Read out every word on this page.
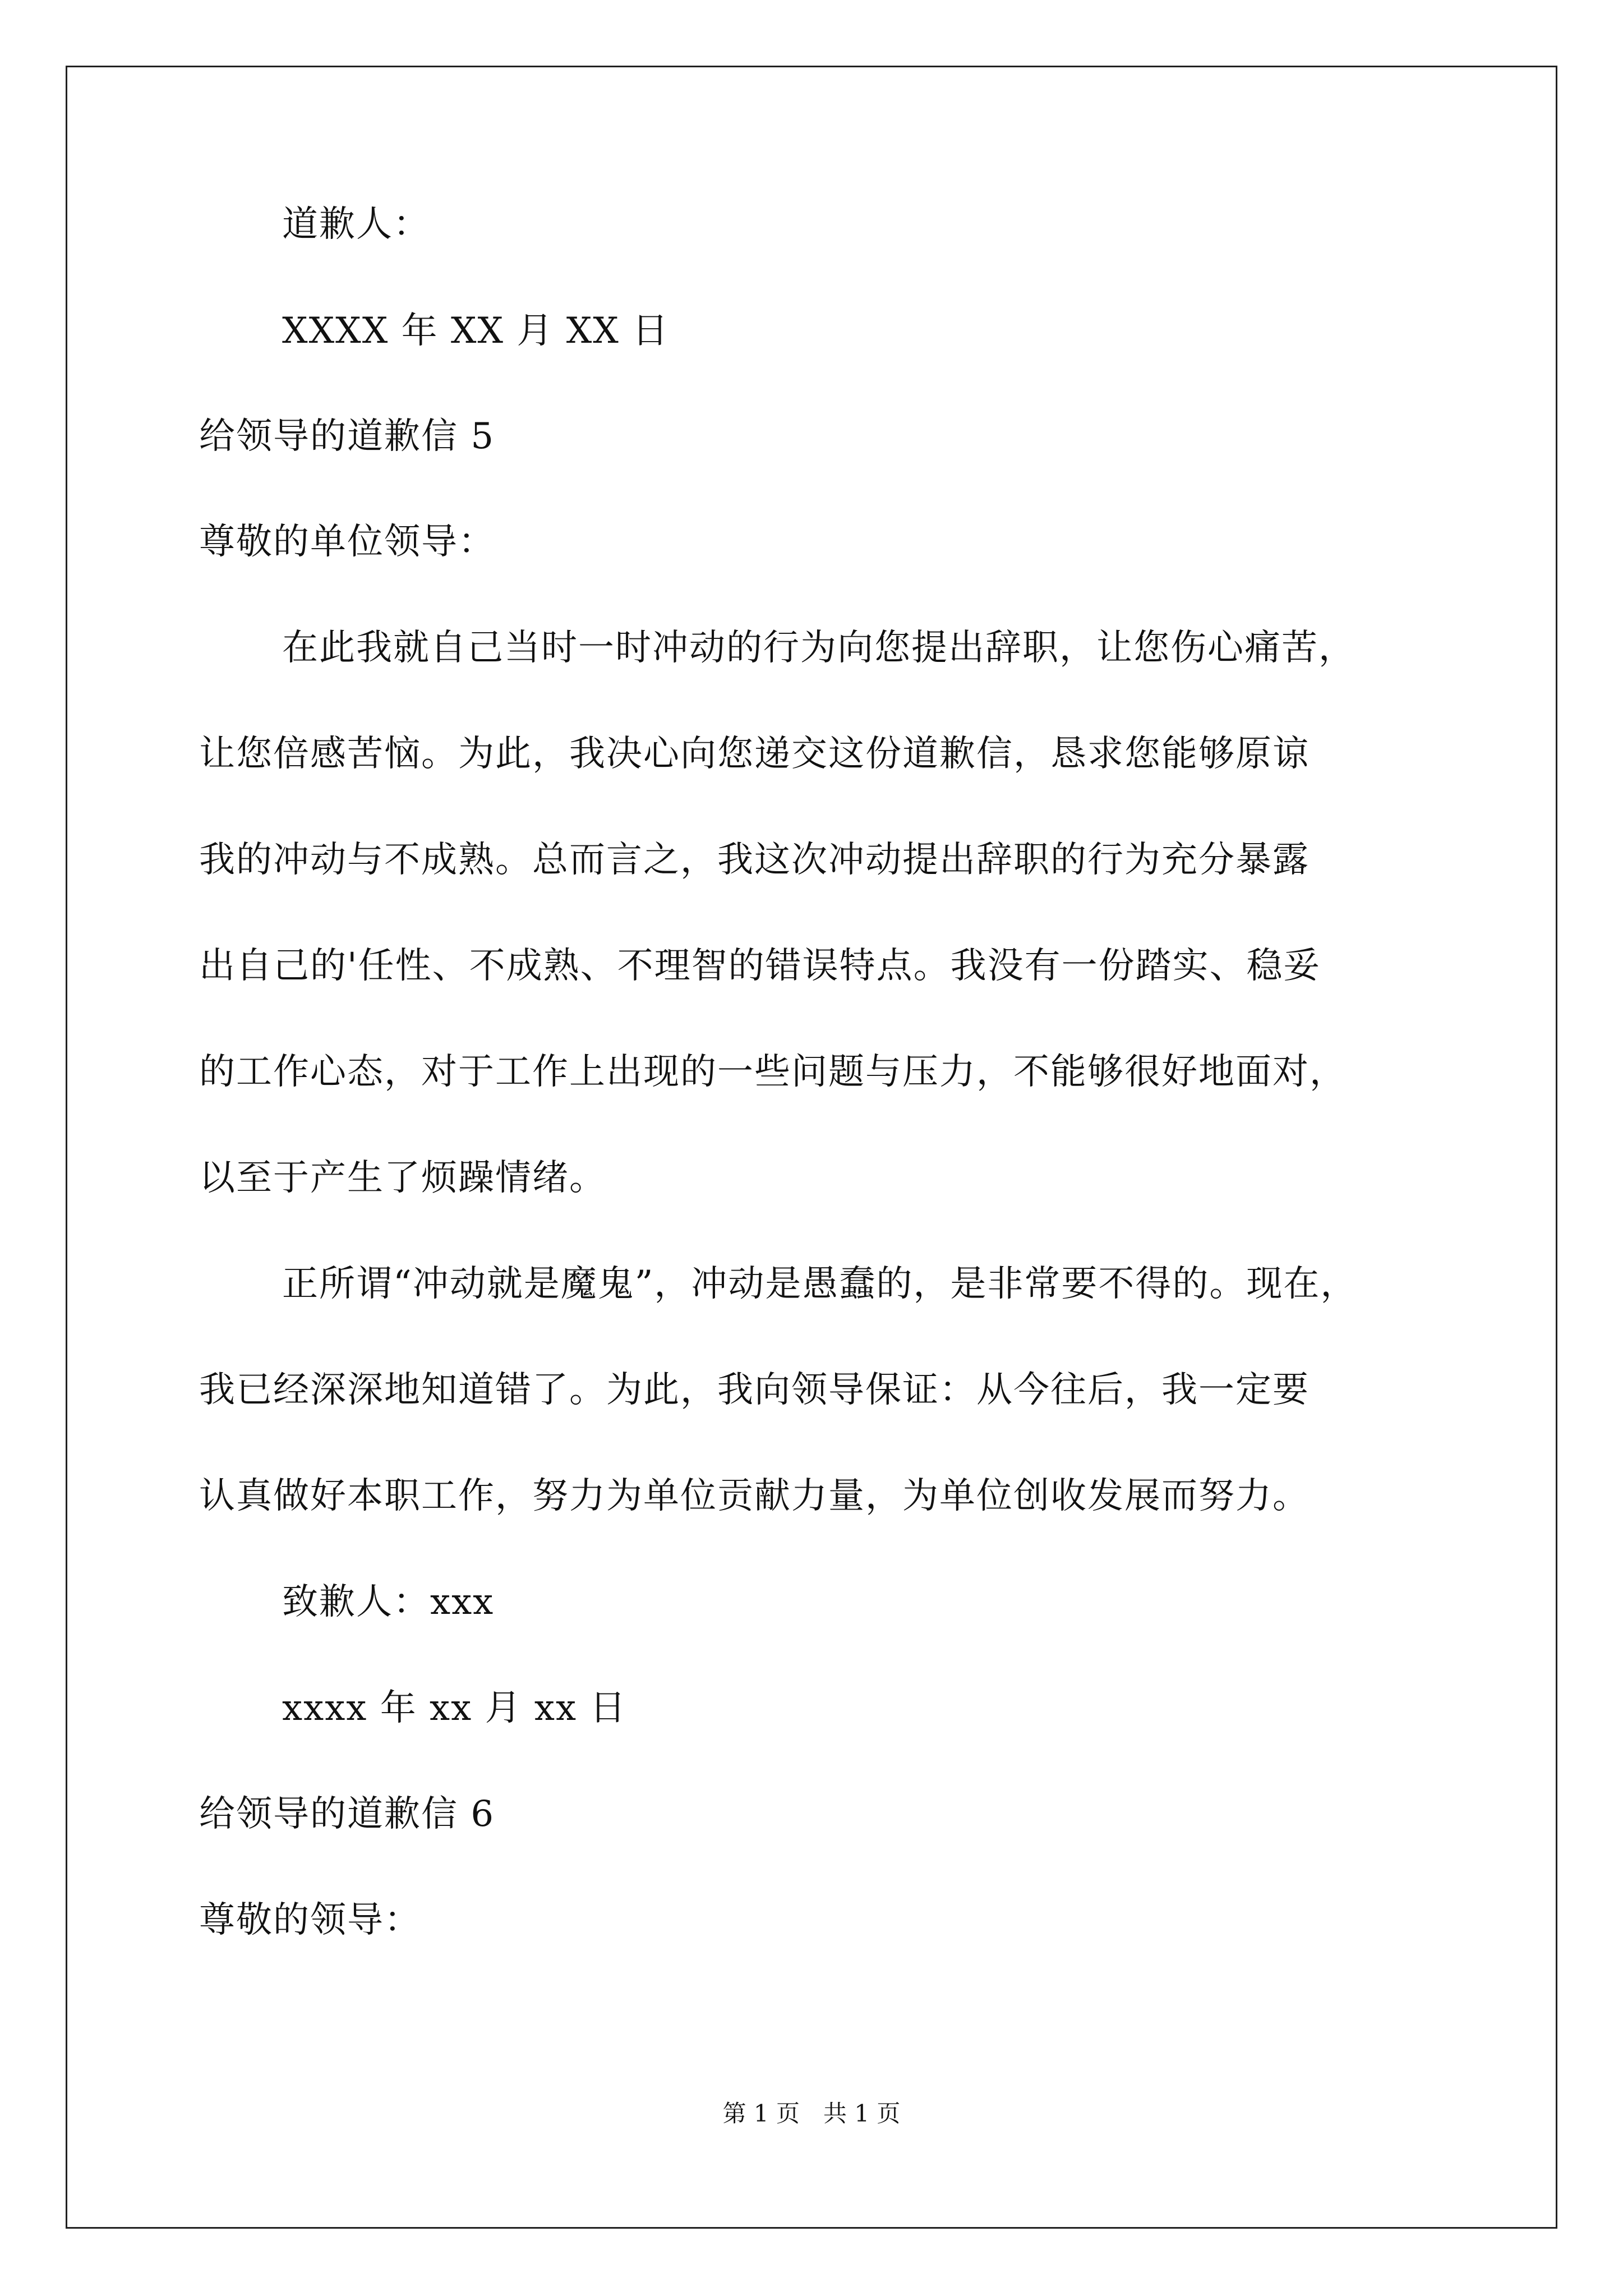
道歉人：
XXXX 年 XX 月 XX 日
给领导的道歉信 5
尊敬的单位领导：
在此我就自己当时一时冲动的行为向您提出辞职，让您伤心痛苦，
让您倍感苦恼。为此，我决心向您递交这份道歉信，恳求您能够原谅
我的冲动与不成熟。总而言之，我这次冲动提出辞职的行为充分暴露
出自己的'任性、不成熟、不理智的错误特点。我没有一份踏实、稳妥
的工作心态，对于工作上出现的一些问题与压力，不能够很好地面对，
以至于产生了烦躁情绪。
正所谓“冲动就是魔鬼”，冲动是愚蠢的，是非常要不得的。现在，
我已经深深地知道错了。为此，我向领导保证：从今往后，我一定要
认真做好本职工作，努力为单位贡献力量，为单位创收发展而努力。
致歉人：xxx
xxxx 年 xx 月 xx 日
给领导的道歉信 6
尊敬的领导：
第 1 页　共 1 页
